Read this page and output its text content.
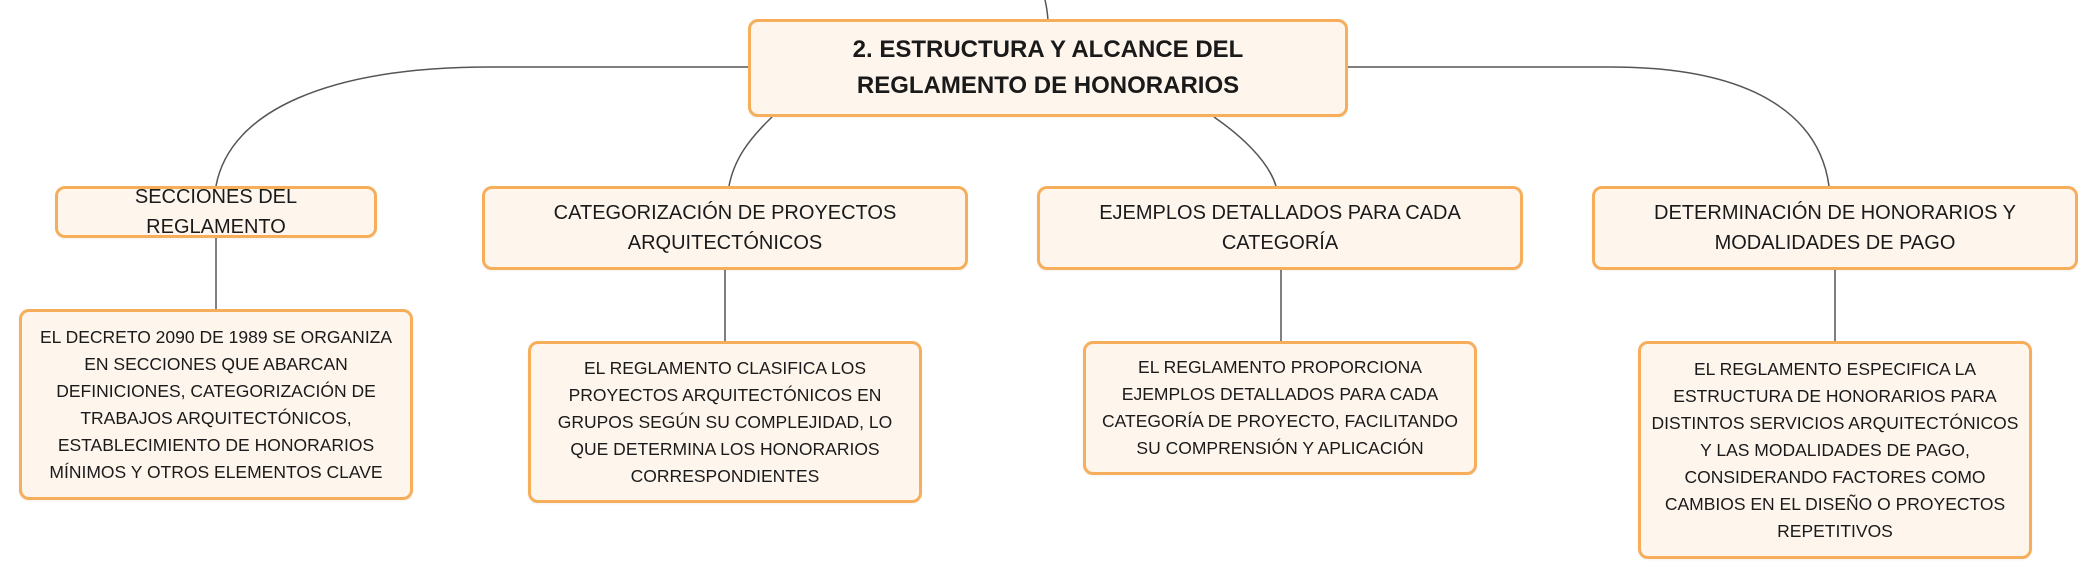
2. ESTRUCTURA Y ALCANCE DEL REGLAMENTO DE HONORARIOS
SECCIONES DEL REGLAMENTO
CATEGORIZACIÓN DE PROYECTOS ARQUITECTÓNICOS
EJEMPLOS DETALLADOS PARA CADA CATEGORÍA
DETERMINACIÓN DE HONORARIOS Y MODALIDADES DE PAGO
EL DECRETO 2090 DE 1989 SE ORGANIZA EN SECCIONES QUE ABARCAN DEFINICIONES, CATEGORIZACIÓN DE TRABAJOS ARQUITECTÓNICOS, ESTABLECIMIENTO DE HONORARIOS MÍNIMOS Y OTROS ELEMENTOS CLAVE
EL REGLAMENTO CLASIFICA LOS PROYECTOS ARQUITECTÓNICOS EN GRUPOS SEGÚN SU COMPLEJIDAD, LO QUE DETERMINA LOS HONORARIOS CORRESPONDIENTES
EL REGLAMENTO PROPORCIONA EJEMPLOS DETALLADOS PARA CADA CATEGORÍA DE PROYECTO, FACILITANDO SU COMPRENSIÓN Y APLICACIÓN
EL REGLAMENTO ESPECIFICA LA ESTRUCTURA DE HONORARIOS PARA DISTINTOS SERVICIOS ARQUITECTÓNICOS Y LAS MODALIDADES DE PAGO, CONSIDERANDO FACTORES COMO CAMBIOS EN EL DISEÑO O PROYECTOS REPETITIVOS
